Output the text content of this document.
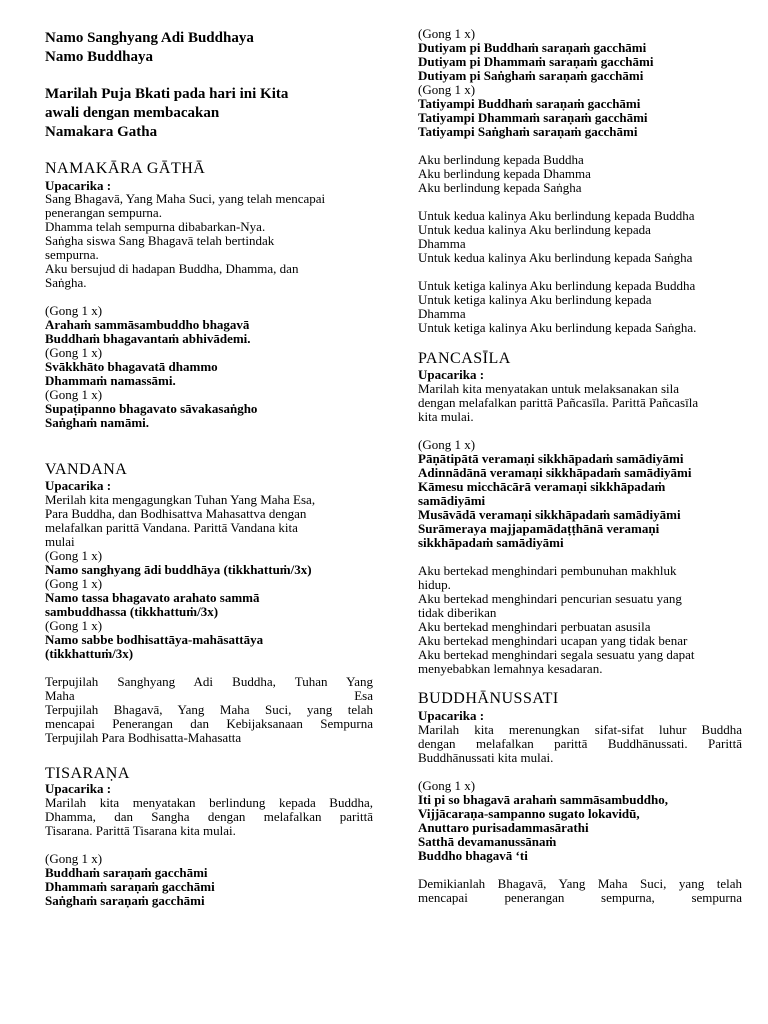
Namo Sanghyang Adi Buddhaya
Namo Buddhaya
Marilah Puja Bkati pada hari ini Kita
awali dengan membacakan
Namakara Gatha
NAMAKĀRA GĀTHĀ
Upacarika :
Sang Bhagavā, Yang Maha Suci, yang telah mencapai
penerangan sempurna.
Dhamma telah sempurna dibabarkan-Nya.
Saṅgha siswa Sang Bhagavā telah bertindak
sempurna.
Aku bersujud di hadapan Buddha, Dhamma, dan
Saṅgha.
(Gong 1 x)
Arahaṁ sammāsambuddho bhagavā
Buddhaṁ bhagavantaṁ abhivādemi.
(Gong 1 x)
Svākkhāto bhagavatā dhammo
Dhammaṁ namassāmi.
(Gong 1 x)
Supaṭipanno bhagavato sāvakasaṅgho
Saṅghaṁ namāmi.
VANDANA
Upacarika :
Merilah kita mengagungkan Tuhan Yang Maha Esa,
Para Buddha, dan Bodhisattva Mahasattva dengan
melafalkan parittā Vandana. Parittā Vandana kita
mulai
(Gong 1 x)
Namo sanghyang ādi buddhāya (tikkhattuṁ/3x)
(Gong 1 x)
Namo tassa bhagavato arahato sammā
sambuddhassa (tikkhattuṁ/3x)
(Gong 1 x)
Namo sabbe bodhisattāya-mahāsattāya
(tikkhattuṁ/3x)
Terpujilah Sanghyang Adi Buddha, Tuhan Yang
Maha Esa
Terpujilah Bhagavā, Yang Maha Suci, yang telah
mencapai Penerangan dan Kebijaksanaan Sempurna
Terpujilah Para Bodhisatta-Mahasatta
TISARAṆA
Upacarika :
Marilah kita menyatakan berlindung kepada Buddha,
Dhamma, dan Sangha dengan melafalkan parittā
Tisarana. Parittā Tisarana kita mulai.
(Gong 1 x)
Buddhaṁ saraṇaṁ gacchāmi
Dhammaṁ saraṇaṁ gacchāmi
Saṅghaṁ saraṇaṁ gacchāmi
(Gong 1 x)
Dutiyam pi Buddhaṁ saraṇaṁ gacchāmi
Dutiyam pi Dhammaṁ saraṇaṁ gacchāmi
Dutiyam pi Saṅghaṁ saraṇaṁ gacchāmi
(Gong 1 x)
Tatiyampi Buddhaṁ saraṇaṁ gacchāmi
Tatiyampi Dhammaṁ saraṇaṁ gacchāmi
Tatiyampi Saṅghaṁ saraṇaṁ gacchāmi
Aku berlindung kepada Buddha
Aku berlindung kepada Dhamma
Aku berlindung kepada Saṅgha
Untuk kedua kalinya Aku berlindung kepada Buddha
Untuk kedua kalinya Aku berlindung kepada
Dhamma
Untuk kedua kalinya Aku berlindung kepada Saṅgha
Untuk ketiga kalinya Aku berlindung kepada Buddha
Untuk ketiga kalinya Aku berlindung kepada
Dhamma
Untuk ketiga kalinya Aku berlindung kepada Saṅgha.
PANCASĪLA
Upacarika :
Marilah kita menyatakan untuk melaksanakan sila
dengan melafalkan parittā Pañcasīla. Parittā Pañcasīla
kita mulai.
(Gong 1 x)
Pāṇātipātā veramaṇi sikkhāpadaṁ samādiyāmi
Adinnādānā veramaṇi sikkhāpadaṁ samādiyāmi
Kāmesu micchācārā veramaṇi sikkhāpadaṁ
samādiyāmi
Musāvādā veramaṇi sikkhāpadaṁ samādiyāmi
Surāmeraya majjapamādaṭṭhānā veramaṇi
sikkhāpadaṁ samādiyāmi
Aku bertekad menghindari pembunuhan makhluk
hidup.
Aku bertekad menghindari pencurian sesuatu yang
tidak diberikan
Aku bertekad menghindari perbuatan asusila
Aku bertekad menghindari ucapan yang tidak benar
Aku bertekad menghindari segala sesuatu yang dapat
menyebabkan lemahnya kesadaran.
BUDDHĀNUSSATI
Upacarika :
Marilah kita merenungkan sifat-sifat luhur Buddha
dengan melafalkan parittā Buddhānussati. Parittā
Buddhānussati kita mulai.
(Gong 1 x)
Iti pi so bhagavā arahaṁ sammāsambuddho,
Vijjācaraṇa-sampanno sugato lokavidū,
Anuttaro purisadammasārathi
Satthā devamanussānaṁ
Buddho bhagavā ‘ti
Demikianlah Bhagavā, Yang Maha Suci, yang telah
mencapai penerangan sempurna, sempurna
